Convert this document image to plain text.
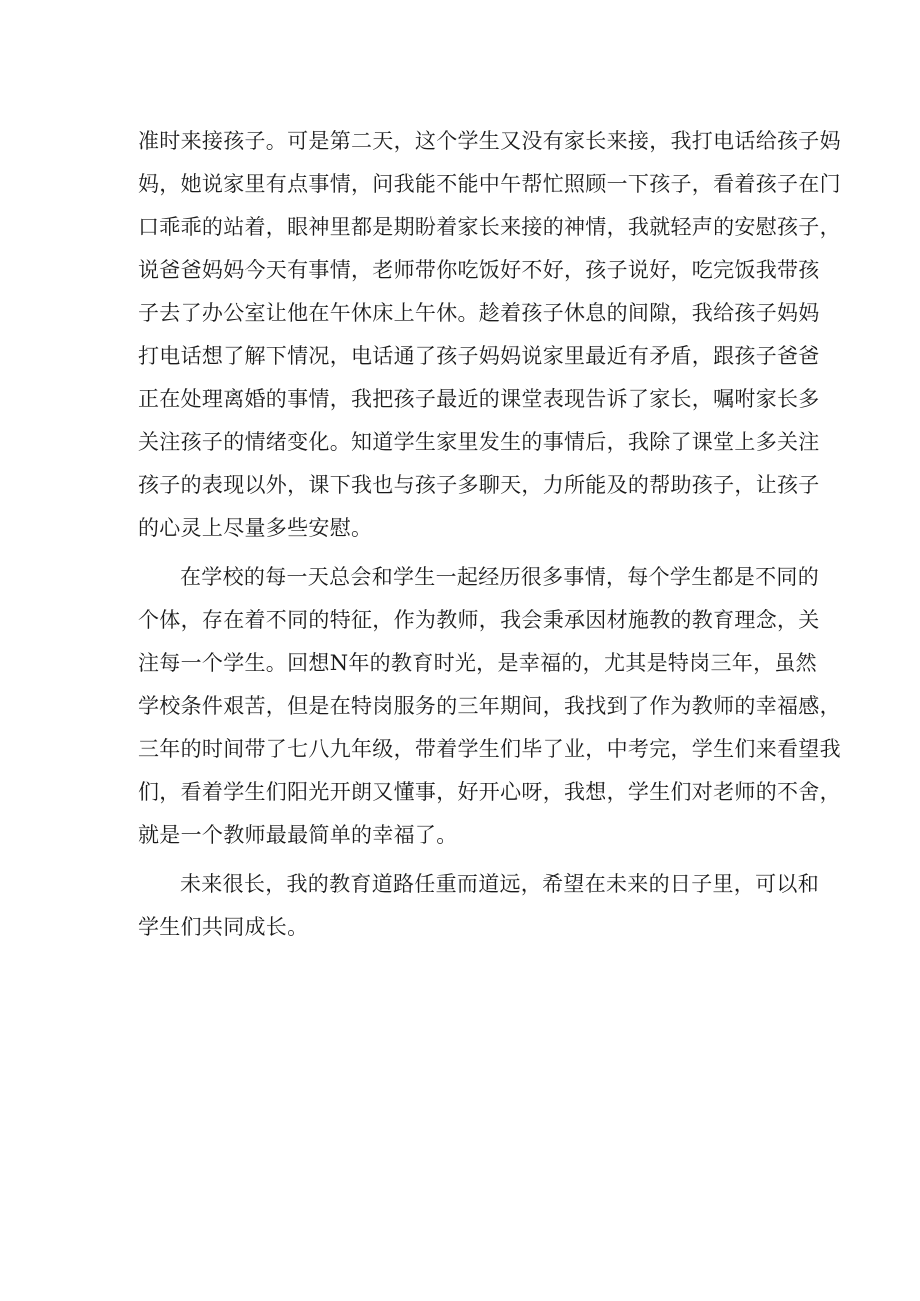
准时来接孩子。可是第二天，这个学生又没有家长来接，我打电话给孩子妈
妈，她说家里有点事情，问我能不能中午帮忙照顾一下孩子，看着孩子在门
口乖乖的站着，眼神里都是期盼着家长来接的神情，我就轻声的安慰孩子，
说爸爸妈妈今天有事情，老师带你吃饭好不好，孩子说好，吃完饭我带孩
子去了办公室让他在午休床上午休。趁着孩子休息的间隙，我给孩子妈妈
打电话想了解下情况，电话通了孩子妈妈说家里最近有矛盾，跟孩子爸爸
正在处理离婚的事情，我把孩子最近的课堂表现告诉了家长，嘱咐家长多
关注孩子的情绪变化。知道学生家里发生的事情后，我除了课堂上多关注
孩子的表现以外，课下我也与孩子多聊天，力所能及的帮助孩子，让孩子
的心灵上尽量多些安慰。
在学校的每一天总会和学生一起经历很多事情，每个学生都是不同的
个体，存在着不同的特征，作为教师，我会秉承因材施教的教育理念，关
注每一个学生。回想N年的教育时光，是幸福的，尤其是特岗三年，虽然
学校条件艰苦，但是在特岗服务的三年期间，我找到了作为教师的幸福感，
三年的时间带了七八九年级，带着学生们毕了业，中考完，学生们来看望我
们，看着学生们阳光开朗又懂事，好开心呀，我想，学生们对老师的不舍，
就是一个教师最最简单的幸福了。
未来很长，我的教育道路任重而道远，希望在未来的日子里，可以和
学生们共同成长。
